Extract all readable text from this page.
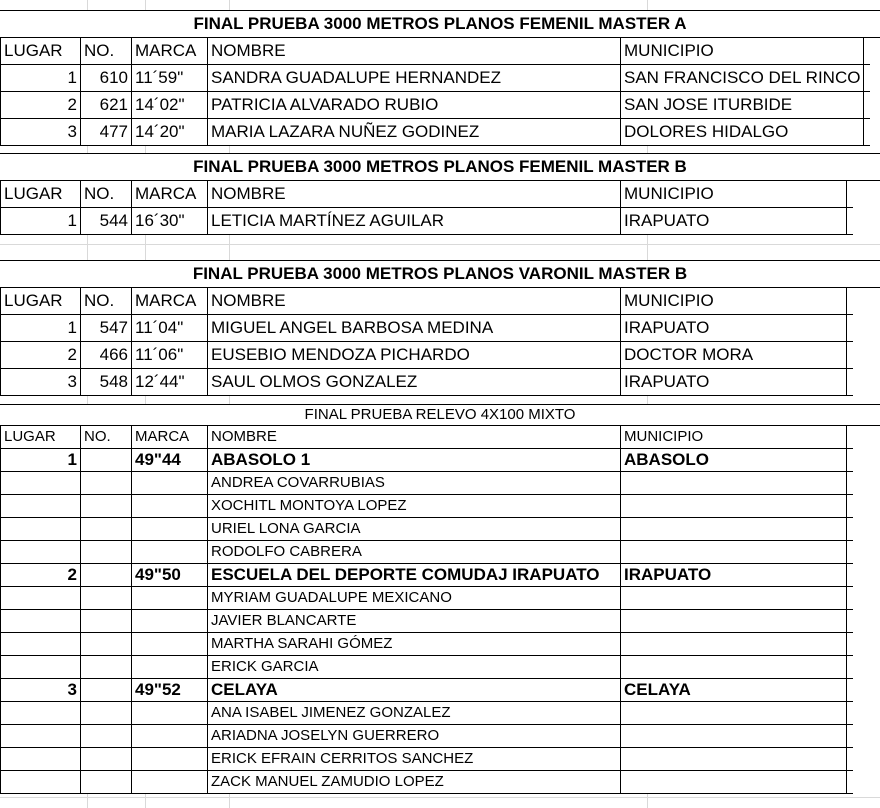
FINAL PRUEBA 3000 METROS PLANOS FEMENIL MASTER A
LUGAR	NO.	MARCA	NOMBRE	MUNICIPIO	
1	610	11´59"	SANDRA GUADALUPE HERNANDEZ	SAN FRANCISCO DEL RINCO	
2	621	14´02"	PATRICIA ALVARADO RUBIO	SAN JOSE ITURBIDE	
3	477	14´20"	MARIA LAZARA NUÑEZ GODINEZ	DOLORES HIDALGO	
FINAL PRUEBA 3000 METROS PLANOS FEMENIL MASTER B
LUGAR	NO.	MARCA	NOMBRE	MUNICIPIO	
1	544	16´30"	LETICIA MARTÍNEZ AGUILAR	IRAPUATO	
FINAL PRUEBA 3000 METROS PLANOS VARONIL MASTER B
LUGAR	NO.	MARCA	NOMBRE	MUNICIPIO	
1	547	11´04"	MIGUEL ANGEL BARBOSA MEDINA	IRAPUATO	
2	466	11´06"	EUSEBIO MENDOZA PICHARDO	DOCTOR MORA	
3	548	12´44"	SAUL OLMOS GONZALEZ	IRAPUATO	
FINAL PRUEBA RELEVO 4X100 MIXTO
LUGAR	NO.	MARCA	NOMBRE	MUNICIPIO	
1		49"44	ABASOLO 1	ABASOLO	
			ANDREA COVARRUBIAS		
			XOCHITL MONTOYA LOPEZ		
			URIEL LONA GARCIA		
			RODOLFO CABRERA		
2		49"50	ESCUELA DEL DEPORTE COMUDAJ IRAPUATO	IRAPUATO	
			MYRIAM GUADALUPE MEXICANO		
			JAVIER BLANCARTE		
			MARTHA SARAHI GÓMEZ		
			ERICK GARCIA		
3		49"52	CELAYA	CELAYA	
			ANA ISABEL JIMENEZ GONZALEZ		
			ARIADNA JOSELYN GUERRERO		
			ERICK EFRAIN CERRITOS SANCHEZ		
			ZACK MANUEL ZAMUDIO LOPEZ		
